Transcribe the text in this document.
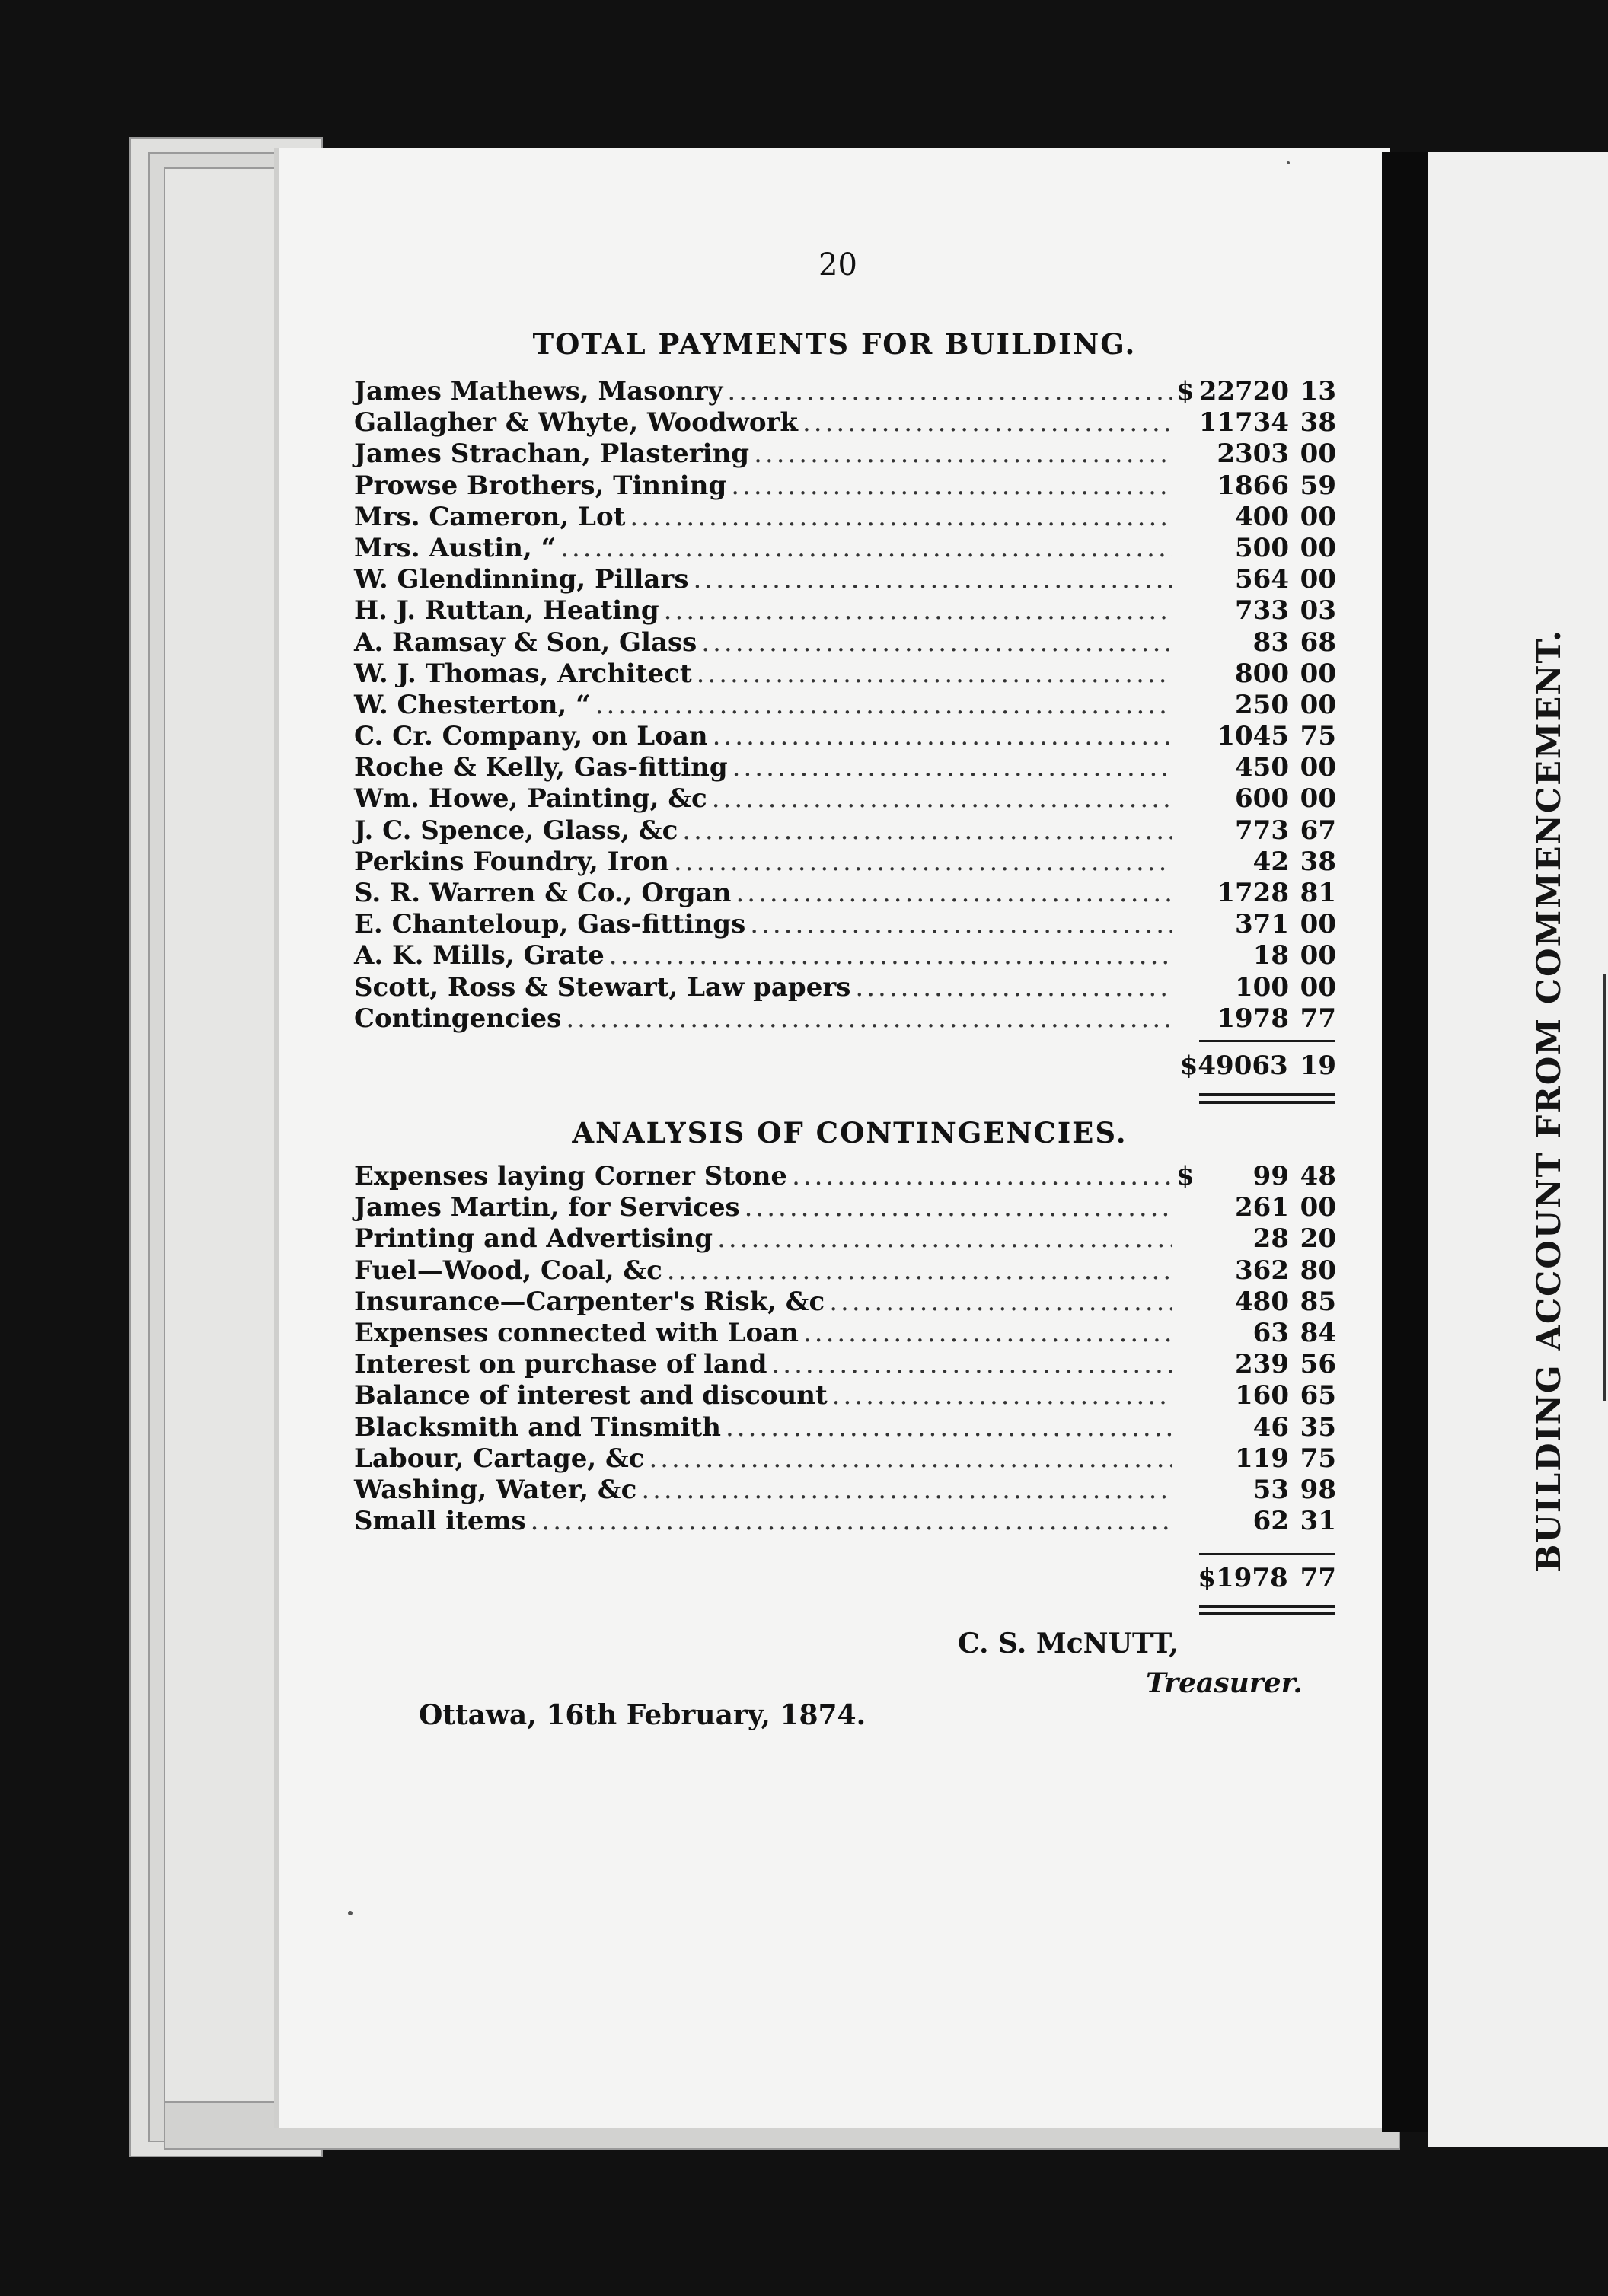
BUILDING ACCOUNT FROM COMMENCEMENT.
20
TOTAL PAYMENTS FOR BUILDING.
James Mathews, Masonry .....	$ 22720 13
Gallagher & Whyte, Woodwork .....	11734 38
James Strachan, Plastering .....	2303 00
Prowse Brothers, Tinning .....	1866 59
Mrs. Cameron, Lot .....	400 00
Mrs. Austin, “ .....	500 00
W. Glendinning, Pillars .....	564 00
H. J. Ruttan, Heating .....	733 03
A. Ramsay & Son, Glass .....	83 68
W. J. Thomas, Architect .....	800 00
W. Chesterton, “ .....	250 00
C. Cr. Company, on Loan .....	1045 75
Roche & Kelly, Gas-fitting .....	450 00
Wm. Howe, Painting, &c .....	600 00
J. C. Spence, Glass, &c .....	773 67
Perkins Foundry, Iron .....	42 38
S. R. Warren & Co., Organ .....	1728 81
E. Chanteloup, Gas-fittings .....	371 00
A. K. Mills, Grate .....	18 00
Scott, Ross & Stewart, Law papers .....	100 00
Contingencies .....	1978 77
$49063 19
ANALYSIS OF CONTINGENCIES.
Expenses laying Corner Stone .....	$	99 48
James Martin, for Services .....	261 00
Printing and Advertising .....	28 20
Fuel—Wood, Coal, &c .....	362 80
Insurance—Carpenter's Risk, &c .....	480 85
Expenses connected with Loan .....	63 84
Interest on purchase of land .....	239 56
Balance of interest and discount .....	160 65
Blacksmith and Tinsmith .....	46 35
Labour, Cartage, &c .....	119 75
Washing, Water, &c .....	53 98
Small items .....	62 31
$1978 77
C. S. McNUTT,
Treasurer.
Ottawa, 16th February, 1874.
